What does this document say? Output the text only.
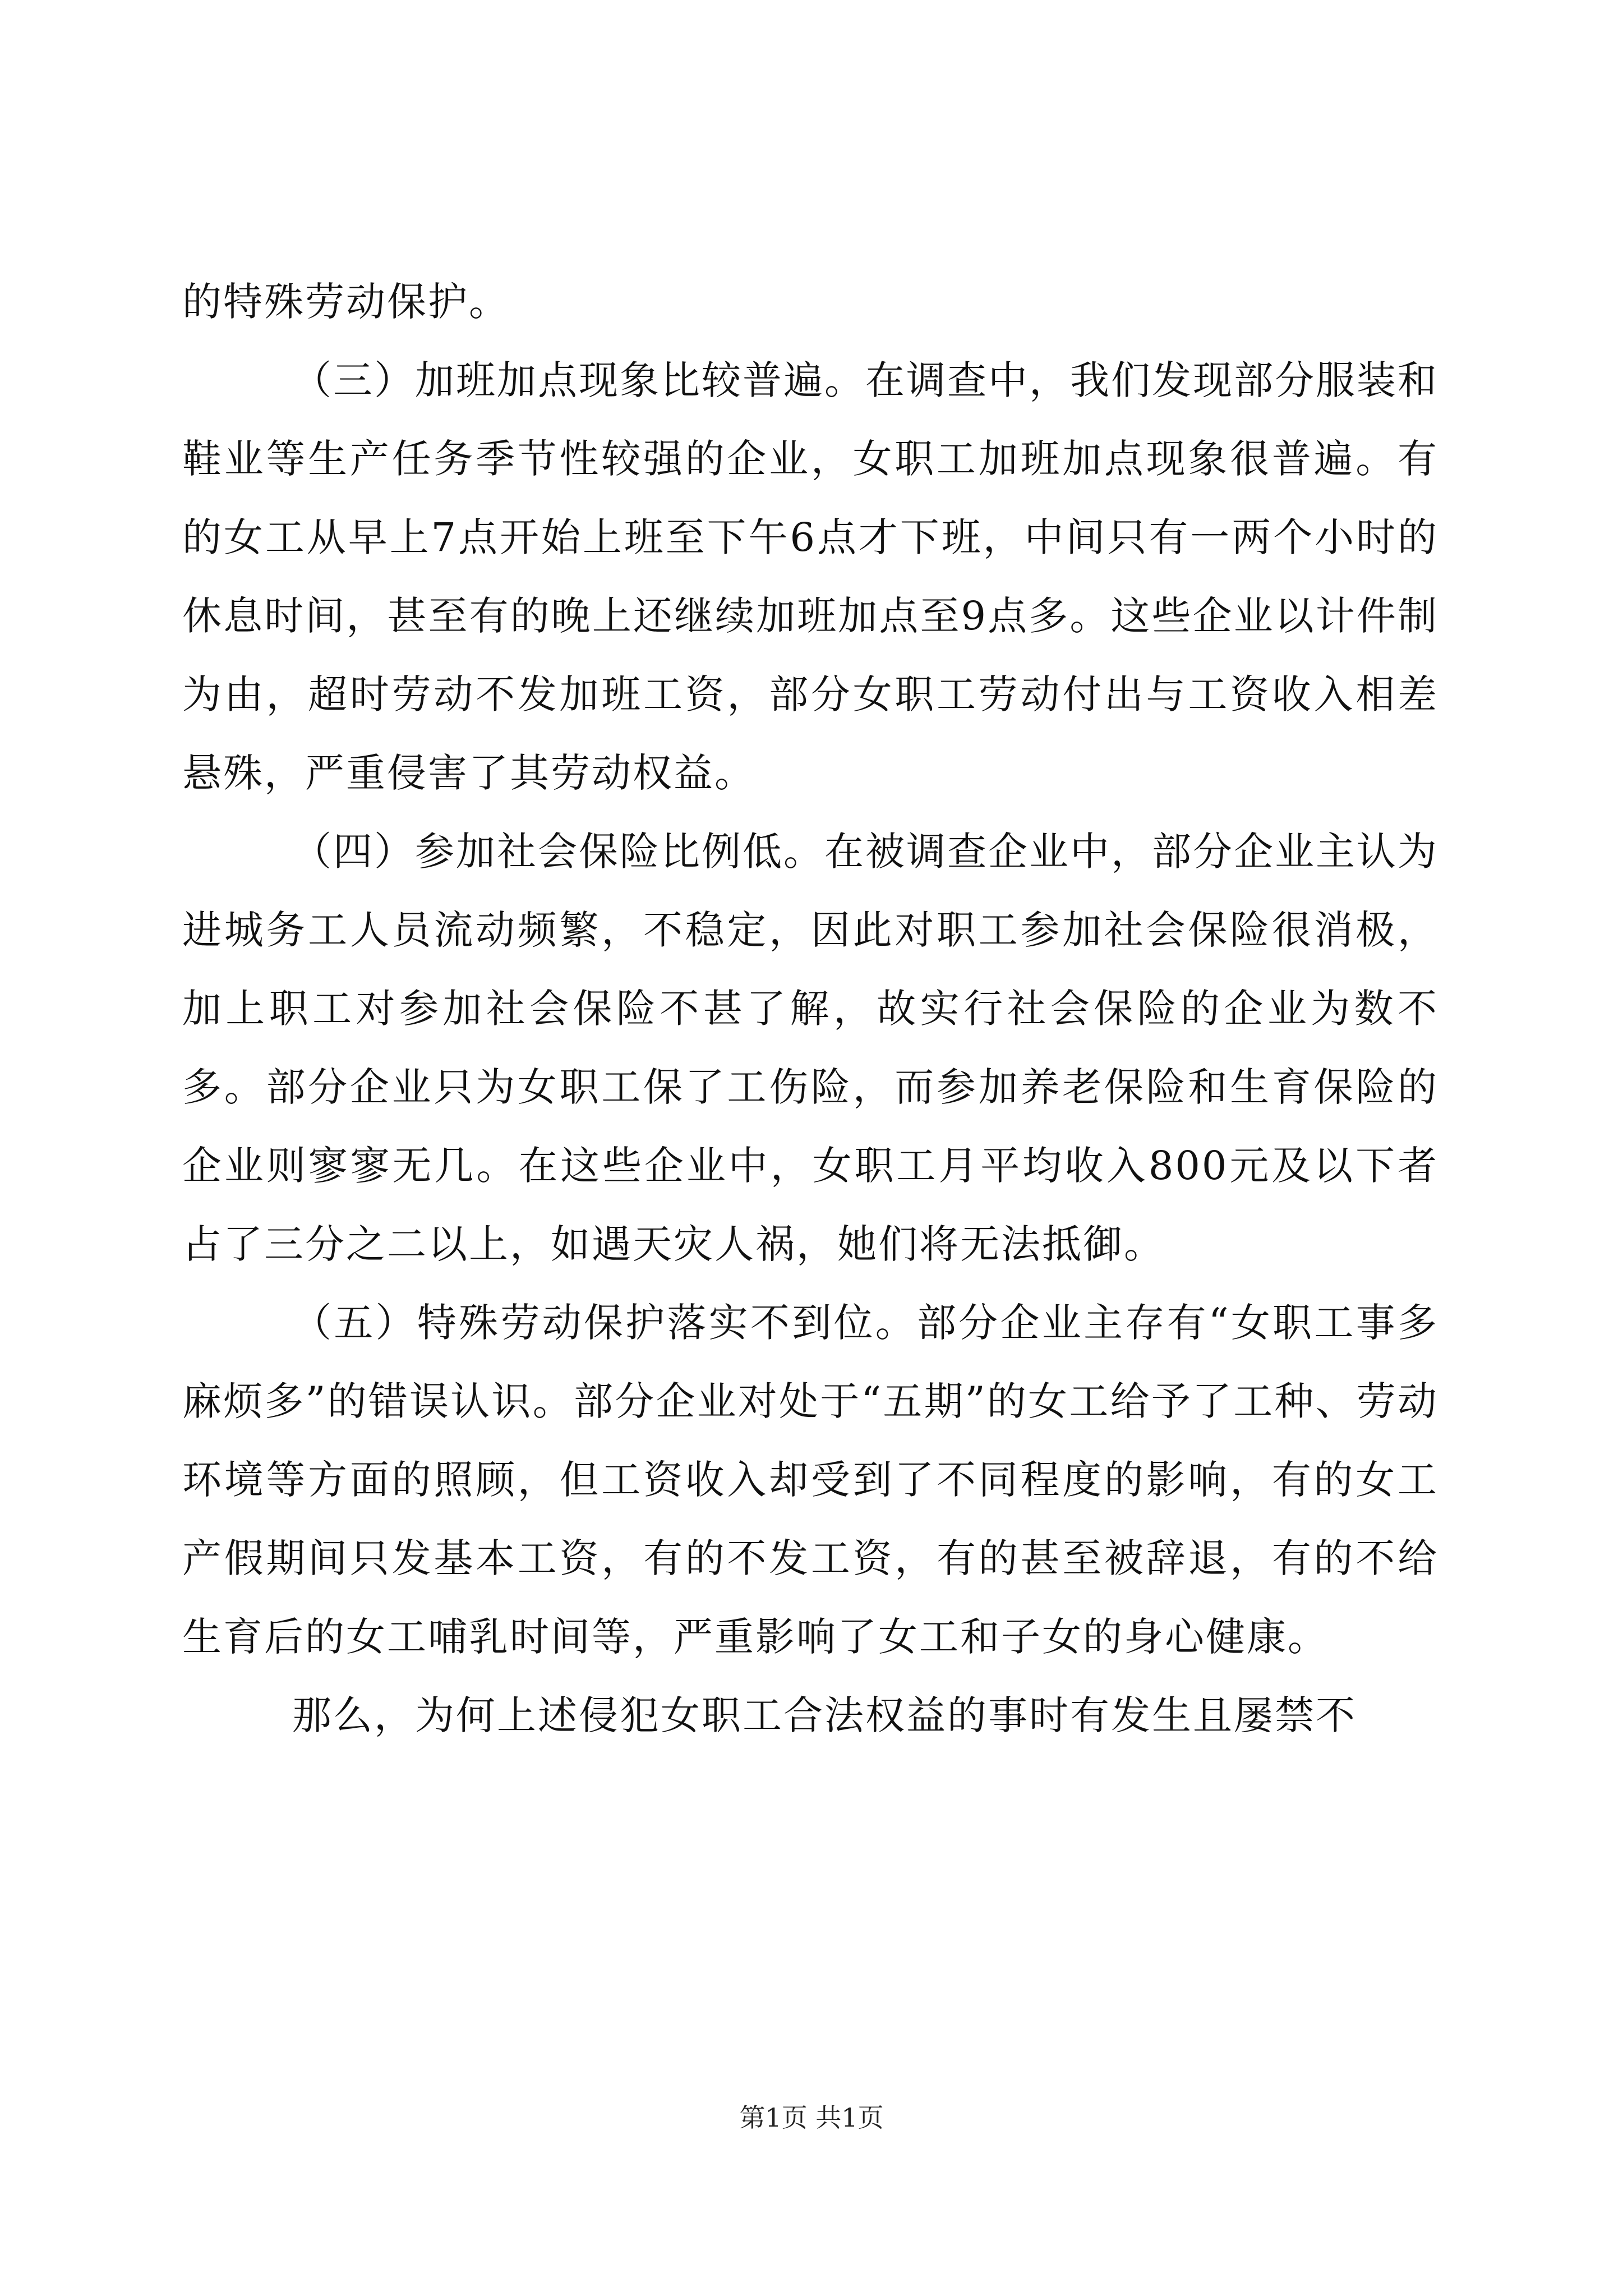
的特殊劳动保护。

（三）加班加点现象比较普遍。在调查中，我们发现部分服装和鞋业等生产任务季节性较强的企业，女职工加班加点现象很普遍。有的女工从早上7点开始上班至下午6点才下班，中间只有一两个小时的休息时间，甚至有的晚上还继续加班加点至9点多。这些企业以计件制为由，超时劳动不发加班工资，部分女职工劳动付出与工资收入相差悬殊，严重侵害了其劳动权益。

（四）参加社会保险比例低。在被调查企业中，部分企业主认为进城务工人员流动频繁，不稳定，因此对职工参加社会保险很消极，加上职工对参加社会保险不甚了解，故实行社会保险的企业为数不多。部分企业只为女职工保了工伤险，而参加养老保险和生育保险的企业则寥寥无几。在这些企业中，女职工月平均收入800元及以下者占了三分之二以上，如遇天灾人祸，她们将无法抵御。

（五）特殊劳动保护落实不到位。部分企业主存有“女职工事多麻烦多”的错误认识。部分企业对处于“五期”的女工给予了工种、劳动环境等方面的照顾，但工资收入却受到了不同程度的影响，有的女工产假期间只发基本工资，有的不发工资，有的甚至被辞退，有的不给生育后的女工哺乳时间等，严重影响了女工和子女的身心健康。

那么，为何上述侵犯女职工合法权益的事时有发生且屡禁不

第1页 共1页
